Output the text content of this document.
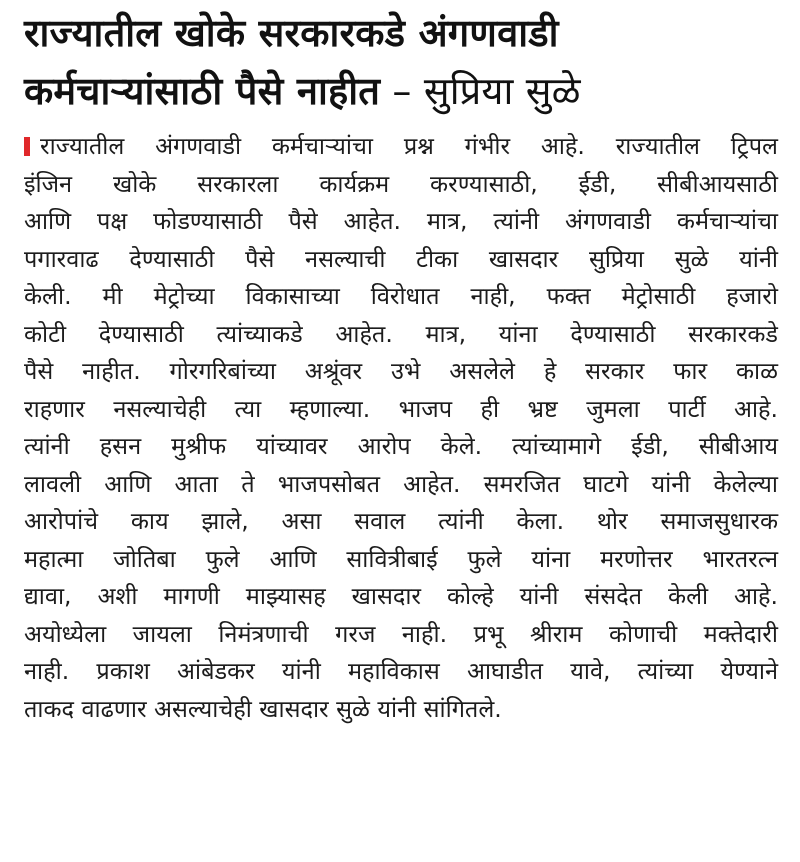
राज्यातील खोके सरकारकडे अंगणवाडी
कर्मचाऱ्यांसाठी पैसे नाहीत – सुप्रिया सुळे
राज्यातील अंगणवाडी कर्मचाऱ्यांचा प्रश्न गंभीर आहे. राज्यातील ट्रिपल
इंजिन खोके सरकारला कार्यक्रम करण्यासाठी, ईडी, सीबीआयसाठी
आणि पक्ष फोडण्यासाठी पैसे आहेत. मात्र, त्यांनी अंगणवाडी कर्मचाऱ्यांचा
पगारवाढ देण्यासाठी पैसे नसल्याची टीका खासदार सुप्रिया सुळे यांनी
केली. मी मेट्रोच्या विकासाच्या विरोधात नाही, फक्त मेट्रोसाठी हजारो
कोटी देण्यासाठी त्यांच्याकडे आहेत. मात्र, यांना देण्यासाठी सरकारकडे
पैसे नाहीत. गोरगरिबांच्या अश्रूंवर उभे असलेले हे सरकार फार काळ
राहणार नसल्याचेही त्या म्हणाल्या. भाजप ही भ्रष्ट जुमला पार्टी आहे.
त्यांनी हसन मुश्रीफ यांच्यावर आरोप केले. त्यांच्यामागे ईडी, सीबीआय
लावली आणि आता ते भाजपसोबत आहेत. समरजित घाटगे यांनी केलेल्या
आरोपांचे काय झाले, असा सवाल त्यांनी केला. थोर समाजसुधारक
महात्मा जोतिबा फुले आणि सावित्रीबाई फुले यांना मरणोत्तर भारतरत्न
द्यावा, अशी मागणी माझ्यासह खासदार कोल्हे यांनी संसदेत केली आहे.
अयोध्येला जायला निमंत्रणाची गरज नाही. प्रभू श्रीराम कोणाची मक्तेदारी
नाही. प्रकाश आंबेडकर यांनी महाविकास आघाडीत यावे, त्यांच्या येण्याने
ताकद वाढणार असल्याचेही खासदार सुळे यांनी सांगितले.
